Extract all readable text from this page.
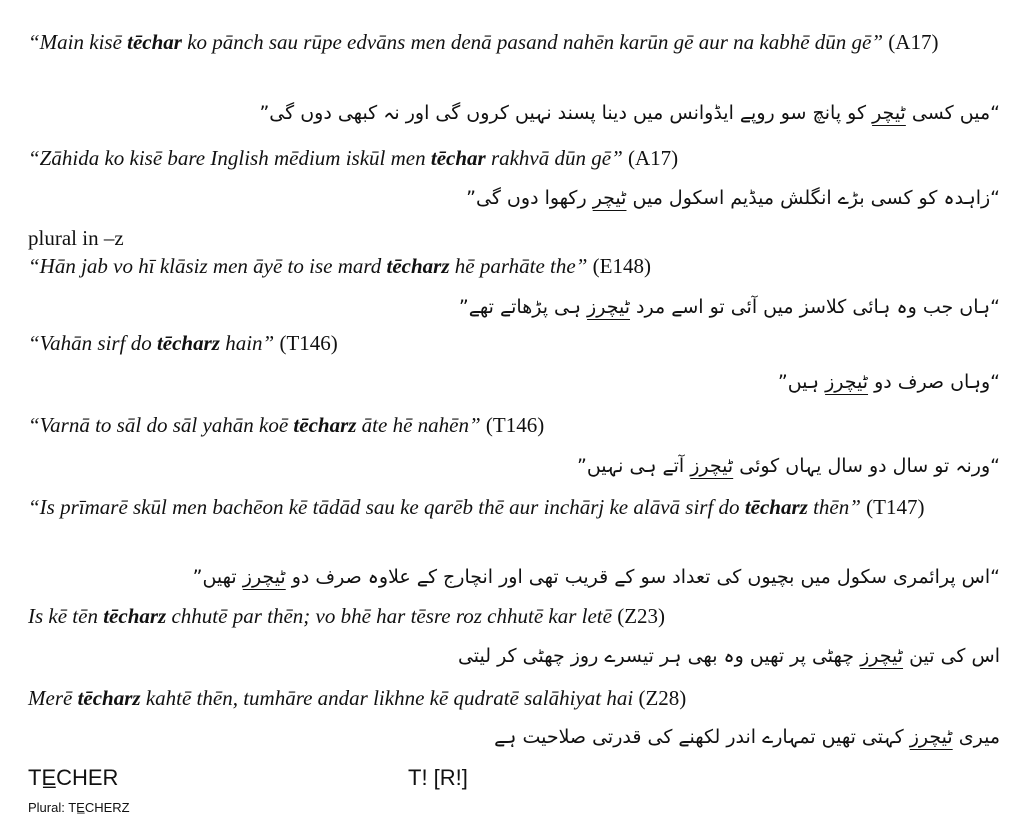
“Main kisē tēchar ko pānch sau rūpe edvāns men denā pasand nahēn karūn gē aur na kabhē dūn gē” (A17)
“میں کسی ٹیچر کو پانچ سو روپے ایڈوانس میں دینا پسند نہیں کروں گی اور نہ کبھی دوں گی”
“Zāhida ko kisē bare Inglish mēdium iskūl men tēchar rakhvā dūn gē” (A17)
“زاہدہ کو کسی بڑے انگلش میڈیم اسکول میں ٹیچر رکھوا دوں گی”
plural in –z
“Hān jab vo hī klāsiz men āyē to ise mard tēcharz hē parhāte the” (E148)
“ہاں جب وہ ہائی کلاسز میں آئی تو اسے مرد ٹیچرز ہی پڑھاتے تھے”
“Vahān sirf do tēcharz hain” (T146)
“وہاں صرف دو ٹیچرز ہیں”
“Varnā to sāl do sāl yahān koē tēcharz āte hē nahēn” (T146)
“ورنہ تو سال دو سال یہاں کوئی ٹیچرز آتے ہی نہیں”
“Is prīmarē skūl men bachēon kē tādād sau ke qarēb thē aur inchārj ke alāvā sirf do tēcharz thēn” (T147)
“اس پرائمری سکول میں بچیوں کی تعداد سو کے قریب تھی اور انچارج کے علاوہ صرف دو ٹیچرز تھیں”
Is kē tēn tēcharz chhutē par thēn; vo bhē har tēsre roz chhutē kar letē (Z23)
اس کی تین ٹیچرز چھٹی پر تھیں وہ بھی ہر تیسرے روز چھٹی کر لیتی
Merē tēcharz kahtē thēn, tumhāre andar likhne kē qudratē salāhiyat hai (Z28)
میری ٹیچرز کہتی تھیں تمہارے اندر لکھنے کی قدرتی صلاحیت ہے
TE̲CHER	T! [R!]
Plural: TE̲CHERZ
